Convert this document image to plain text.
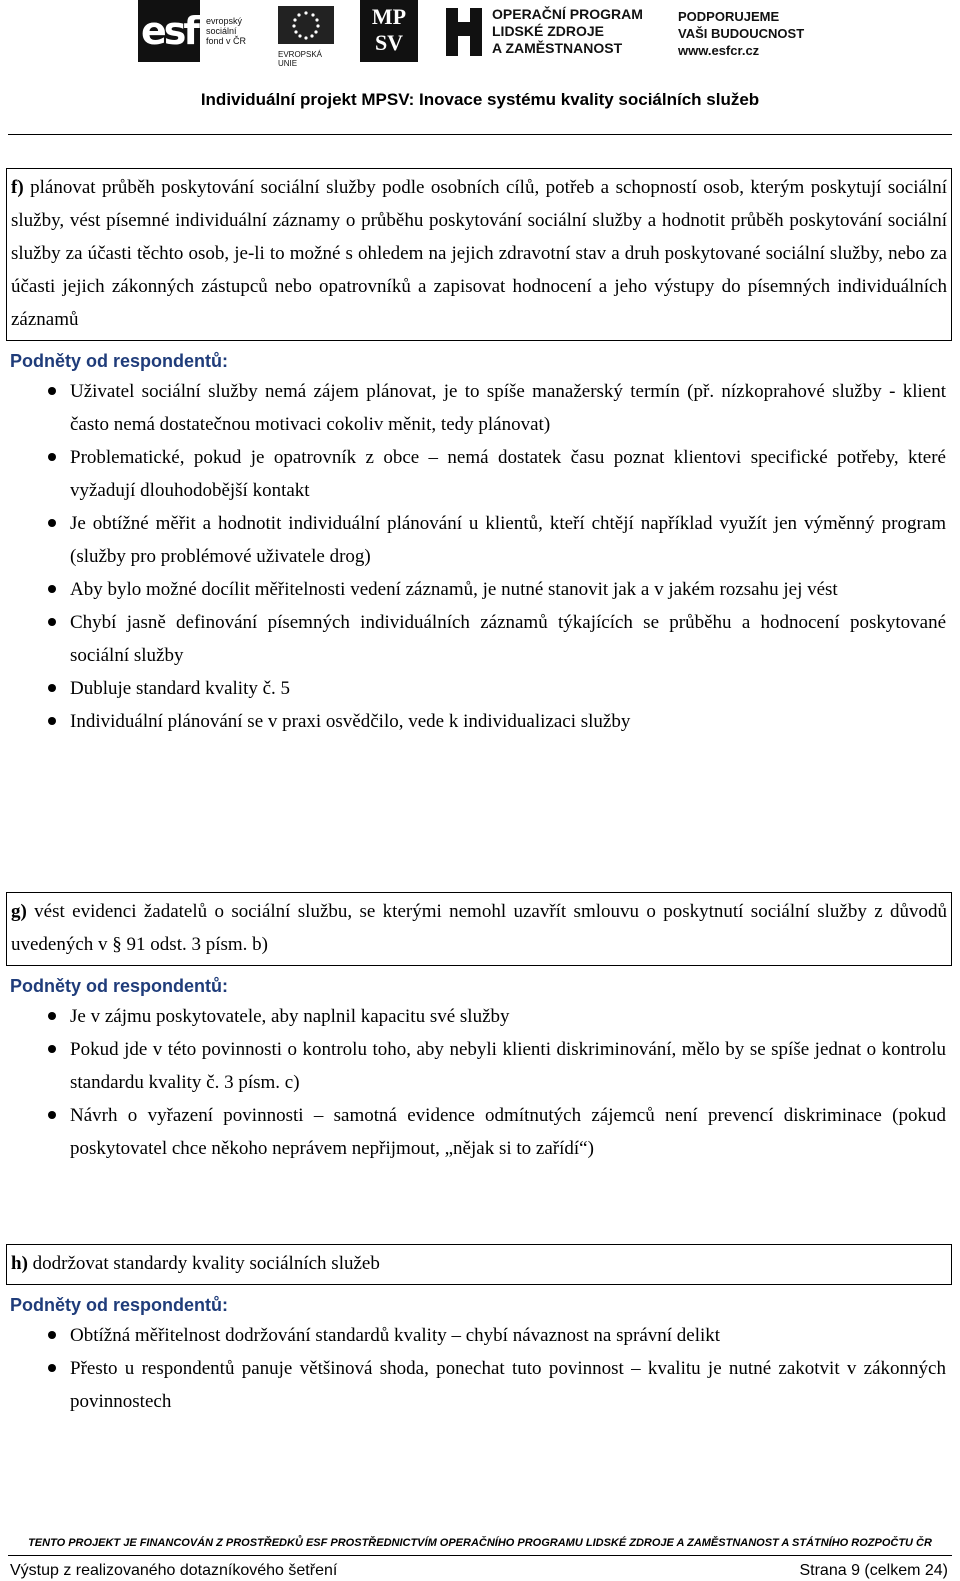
esf	evropský
sociální
fond v ČR
EVROPSKÁ UNIE
MP
SV
OPERAČNÍ PROGRAM
LIDSKÉ ZDROJE
A ZAMĚSTNANOST
PODPORUJEME
VAŠI BUDOUCNOST
www.esfcr.cz
Individuální projekt MPSV: Inovace systému kvality sociálních služeb
f) plánovat průběh poskytování sociální služby podle osobních cílů, potřeb a schopností osob, kterým poskytují sociální služby, vést písemné individuální záznamy o průběhu poskytování sociální služby a hodnotit průběh poskytování sociální služby za účasti těchto osob, je-li to možné s ohledem na jejich zdravotní stav a druh poskytované sociální služby, nebo za účasti jejich zákonných zástupců nebo opatrovníků a zapisovat hodnocení a jeho výstupy do písemných individuálních záznamů
Podněty od respondentů:
Uživatel sociální služby nemá zájem plánovat, je to spíše manažerský termín (př. nízkoprahové služby - klient často nemá dostatečnou motivaci cokoliv měnit, tedy plánovat)
Problematické, pokud je opatrovník z obce – nemá dostatek času poznat klientovi specifické potřeby, které vyžadují dlouhodobější kontakt
Je obtížné měřit a hodnotit individuální plánování u klientů, kteří chtějí například využít jen výměnný program (služby pro problémové uživatele drog)
Aby bylo možné docílit měřitelnosti vedení záznamů, je nutné stanovit jak a v jakém rozsahu jej vést
Chybí jasně definování písemných individuálních záznamů týkajících se průběhu a hodnocení poskytované sociální služby
Dubluje standard kvality č. 5
Individuální plánování se v praxi osvědčilo, vede k individualizaci služby
g) vést evidenci žadatelů o sociální službu, se kterými nemohl uzavřít smlouvu o poskytnutí sociální služby z důvodů uvedených v § 91 odst. 3 písm. b)
Podněty od respondentů:
Je v zájmu poskytovatele, aby naplnil kapacitu své služby
Pokud jde v této povinnosti o kontrolu toho, aby nebyli klienti diskriminování, mělo by se spíše jednat o kontrolu standardu kvality č. 3 písm. c)
Návrh o vyřazení povinnosti – samotná evidence odmítnutých zájemců není prevencí diskriminace (pokud poskytovatel chce někoho neprávem nepřijmout, „nějak si to zařídí“)
h) dodržovat standardy kvality sociálních služeb
Podněty od respondentů:
Obtížná měřitelnost dodržování standardů kvality – chybí návaznost na správní delikt
Přesto u respondentů panuje většinová shoda, ponechat tuto povinnost – kvalitu je nutné zakotvit v zákonných povinnostech
TENTO PROJEKT JE FINANCOVÁN Z PROSTŘEDKŮ ESF PROSTŘEDNICTVÍM OPERAČNÍHO PROGRAMU LIDSKÉ ZDROJE A ZAMĚSTNANOST A STÁTNÍHO ROZPOČTU ČR
Výstup z realizovaného dotazníkového šetření	Strana 9 (celkem 24)
